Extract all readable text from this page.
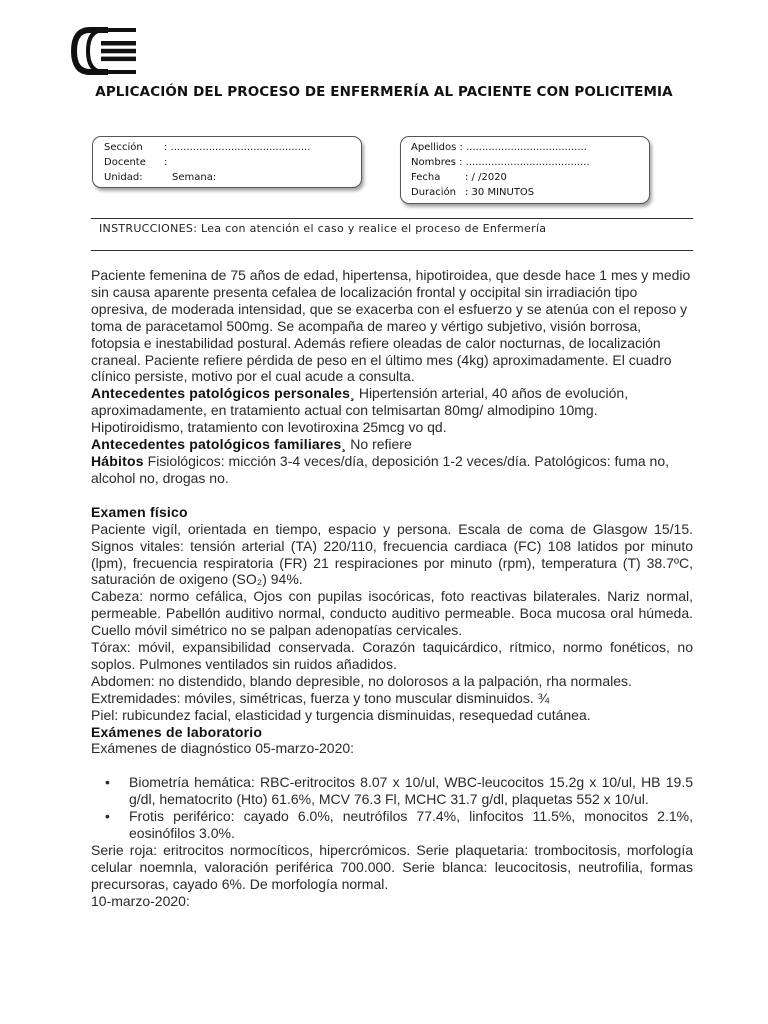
APLICACIÓN DEL PROCESO DE ENFERMERÍA AL PACIENTE CON POLICITEMIA
Sección : ............................................
Docente :
Unidad:	Semana:
Apellidos : ......................................
Nombres : .......................................
Fecha : / /2020
Duración : 30 MINUTOS
INSTRUCCIONES: Lea con atención el caso y realice el proceso de Enfermería

Paciente femenina de 75 años de edad, hipertensa, hipotiroidea, que desde hace 1 mes y medio sin causa aparente presenta cefalea de localización frontal y occipital sin irradiación tipo opresiva, de moderada intensidad, que se exacerba con el esfuerzo y se atenúa con el reposo y toma de paracetamol 500mg. Se acompaña de mareo y vértigo subjetivo, visión borrosa, fotopsia e inestabilidad postural. Además refiere oleadas de calor nocturnas, de localización craneal. Paciente refiere pérdida de peso en el último mes (4kg) aproximadamente. El cuadro clínico persiste, motivo por el cual acude a consulta.

Antecedentes patológicos personales¸ Hipertensión arterial, 40 años de evolución, aproximadamente, en tratamiento actual con telmisartan 80mg/ almodipino 10mg. Hipotiroidismo, tratamiento con levotiroxina 25mcg vo qd.

Antecedentes patológicos familiares¸ No refiere

Hábitos Fisiológicos: micción 3-4 veces/día, deposición 1-2 veces/día. Patológicos: fuma no, alcohol no, drogas no.

Examen físico

Paciente vigíl, orientada en tiempo, espacio y persona. Escala de coma de Glasgow 15/15. Signos vitales: tensión arterial (TA) 220/110, frecuencia cardiaca (FC) 108 latidos por minuto (lpm), frecuencia respiratoria (FR) 21 respiraciones por minuto (rpm), temperatura (T) 38.7ºC, saturación de oxigeno (SO₂) 94%.

Cabeza: normo cefálica, Ojos con pupilas isocóricas, foto reactivas bilaterales. Nariz normal, permeable. Pabellón auditivo normal, conducto auditivo permeable. Boca mucosa oral húmeda. Cuello móvil simétrico no se palpan adenopatías cervicales.

Tórax: móvil, expansibilidad conservada. Corazón taquicárdico, rítmico, normo fonéticos, no soplos. Pulmones ventilados sin ruidos añadidos.

Abdomen: no distendido, blando depresible, no dolorosos a la palpación, rha normales.

Extremidades: móviles, simétricas, fuerza y tono muscular disminuidos. ¾

Piel: rubicundez facial, elasticidad y turgencia disminuidas, resequedad cutánea.

Exámenes de laboratorio

Exámenes de diagnóstico 05-marzo-2020:

• Biometría hemática: RBC-eritrocitos 8.07 x 10/ul, WBC-leucocitos 15.2g x 10/ul, HB 19.5 g/dl, hematocrito (Hto) 61.6%, MCV 76.3 Fl, MCHC 31.7 g/dl, plaquetas 552 x 10/ul.
• Frotis periférico: cayado 6.0%, neutrófilos 77.4%, linfocitos 11.5%, monocitos 2.1%, eosinófilos 3.0%.

Serie roja: eritrocitos normocíticos, hipercrómicos. Serie plaquetaria: trombocitosis, morfología celular noemnla, valoración periférica 700.000. Serie blanca: leucocitosis, neutrofilia, formas precursoras, cayado 6%. De morfología normal.

10-marzo-2020:
